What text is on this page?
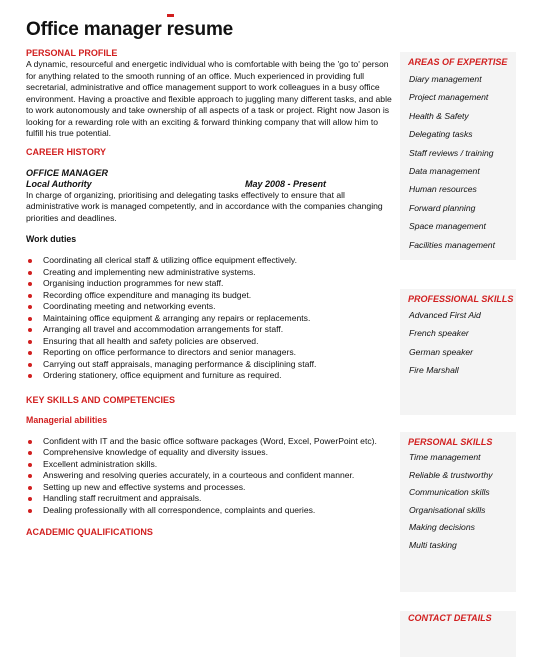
Office manager resume
PERSONAL PROFILE

A dynamic, resourceful and energetic individual who is comfortable with being the 'go to' person for anything related to the smooth running of an office. Much experienced in providing full secretarial, administrative and office management support to work colleagues in a busy office environment. Having a proactive and flexible approach to juggling many different tasks, and able to work autonomously and take ownership of all aspects of a task or project. Right now Jason is looking for a rewarding role with an exciting & forward thinking company that will allow him to fulfill his true potential.

CAREER HISTORY
OFFICE MANAGER
Local Authority	May 2008 - Present

In charge of organizing, prioritising and delegating tasks effectively to ensure that all administrative work is managed competently, and in accordance with the companies changing priorities and deadlines.

Work duties
Coordinating all clerical staff & utilizing office equipment effectively.
Creating and implementing new administrative systems.
Organising induction programmes for new staff.
Recording office expenditure and managing its budget.
Coordinating meeting and networking events.
Maintaining office equipment & arranging any repairs or replacements.
Arranging all travel and accommodation arrangements for staff.
Ensuring that all health and safety policies are observed.
Reporting on office performance to directors and senior managers.
Carrying out staff appraisals, managing performance & disciplining staff.
Ordering stationery, office equipment and furniture as required.
KEY SKILLS AND COMPETENCIES
Managerial abilities
Confident with IT and the basic office software packages (Word, Excel, PowerPoint etc).
Comprehensive knowledge of equality and diversity issues.
Excellent administration skills.
Answering and resolving queries accurately, in a courteous and confident manner.
Setting up new and effective systems and processes.
Handling staff recruitment and appraisals.
Dealing professionally with all correspondence, complaints and queries.
ACADEMIC QUALIFICATIONS
AREAS OF EXPERTISE
Diary management
Project management
Health & Safety
Delegating tasks
Staff reviews / training
Data management
Human resources
Forward planning
Space management
Facilities management
PROFESSIONAL SKILLS
Advanced First Aid
French speaker
German speaker
Fire Marshall
PERSONAL SKILLS
Time management
Reliable & trustworthy
Communication skills
Organisational skills
Making decisions
Multi tasking
CONTACT DETAILS
